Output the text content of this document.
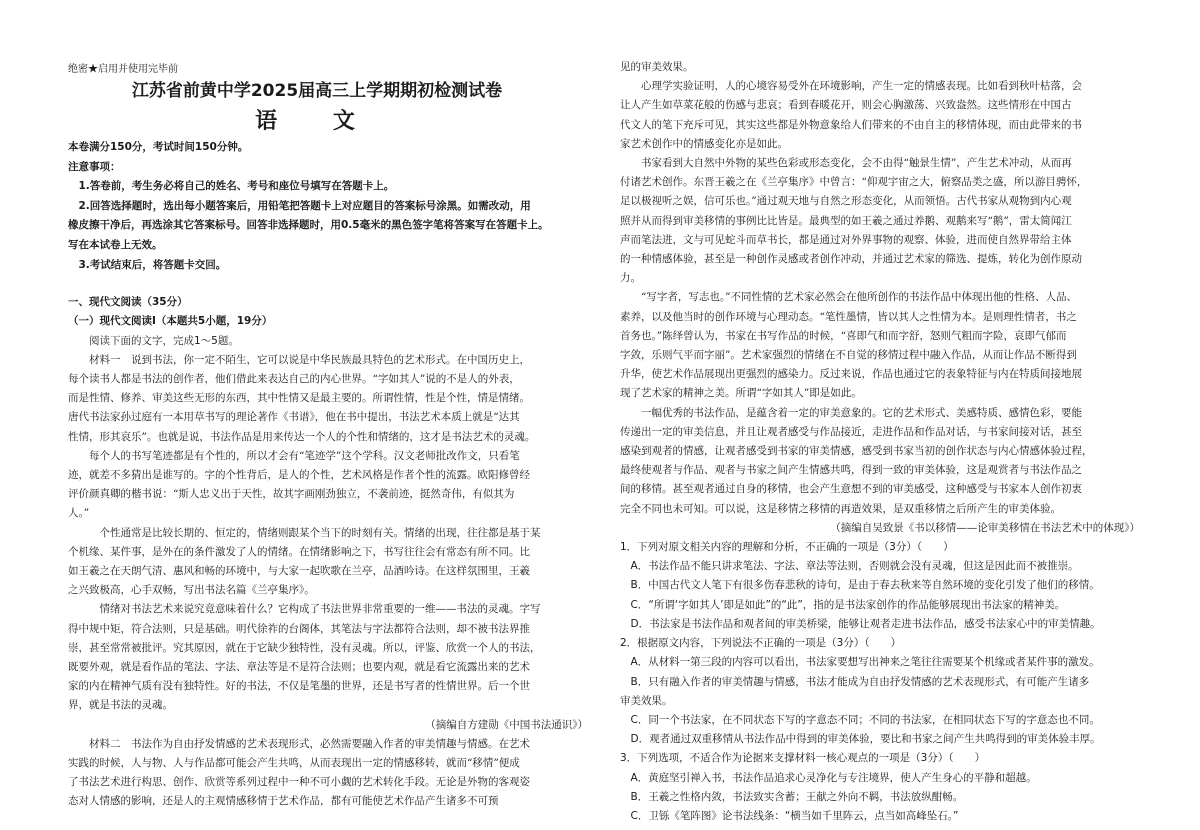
绝密★启用并使用完毕前
江苏省前黄中学2025届高三上学期期初检测试卷
语 文

本卷满分150分，考试时间150分钟。

注意事项：

1.答卷前，考生务必将自己的姓名、考号和座位号填写在答题卡上。

2.回答选择题时，选出每小题答案后，用铅笔把答题卡上对应题目的答案标号涂黑。如需改动，用

橡皮擦干净后，再选涂其它答案标号。回答非选择题时，用0.5毫米的黑色签字笔将答案写在答题卡上。

写在本试卷上无效。

3.考试结束后，将答题卡交回。

一、现代文阅读（35分）

（一）现代文阅读Ⅰ（本题共5小题，19分）

阅读下面的文字，完成1～5题。

材料一　说到书法，你一定不陌生，它可以说是中华民族最具特色的艺术形式。在中国历史上，

每个读书人都是书法的创作者，他们借此来表达自己的内心世界。“字如其人”说的不是人的外表，

而是性情、修养、审美这些无形的东西，其中性情又是最主要的。所谓性情，性是个性，情是情绪。

唐代书法家孙过庭有一本用草书写的理论著作《书谱》，他在书中提出，书法艺术本质上就是“达其

性情，形其哀乐”。也就是说，书法作品是用来传达一个人的个性和情绪的，这才是书法艺术的灵魂。

每个人的书写笔迹都是有个性的，所以才会有“笔迹学”这个学科。汉文老师批改作文，只看笔

迹，就差不多猜出是谁写的。字的个性背后，是人的个性，艺术风格是作者个性的流露。欧阳修曾经

评价颜真卿的楷书说：“斯人忠义出于天性，故其字画刚劲独立，不袭前迹，挺然奇伟，有似其为

人。”

个性通常是比较长期的、恒定的，情绪则跟某个当下的时刻有关。情绪的出现，往往都是基于某

个机缘、某件事，是外在的条件激发了人的情绪。在情绪影响之下，书写往往会有常态有所不同。比

如王羲之在天朗气清、惠风和畅的环境中，与大家一起吹歌在兰亭，品酒吟诗。在这样氛围里，王羲

之兴致极高，心手双畅，写出书法名篇《兰亭集序》。

情绪对书法艺术来说究竟意味着什么？它构成了书法世界非常重要的一维——书法的灵魂。字写

得中规中矩，符合法则，只是基础。明代徐祚的台阁体，其笔法与字法都符合法则，却不被书法界推

崇，甚至常常被批评。究其原因，就在于它缺少独特性，没有灵魂。所以，评鉴、欣赏一个人的书法，

既要外观，就是看作品的笔法、字法、章法等是不是符合法则；也要内观，就是看它流露出来的艺术

家的内在精神气质有没有独特性。好的书法，不仅是笔墨的世界，还是书写者的性情世界。后一个世

界，就是书法的灵魂。

（摘编自方建勋《中国书法通识》）

材料二　书法作为自由抒发情感的艺术表现形式，必然需要融入作者的审美情趣与情感。在艺术

实践的时候，人与物、人与作品都可能会产生共鸣，从而表现出一定的情感移转，就而“移情”便成

了书法艺术进行构思、创作、欣赏等系列过程中一种不可小觑的艺术转化手段。无论是外物的客观姿

态对人情感的影响，还是人的主观情感移情于艺术作品，都有可能使艺术作品产生诸多不可预

见的审美效果。

心理学实验证明，人的心境容易受外在环境影响，产生一定的情感表现。比如看到秋叶枯落，会

让人产生如草菜花般的伤感与悲哀；看到春暖花开，则会心胸激荡、兴致盎然。这些情形在中国古

代文人的笔下充斥可见，其实这些都是外物意象给人们带来的不由自主的移情体现，而由此带来的书

家艺术创作中的情感变化亦是如此。

书家看到大自然中外物的某些色彩或形态变化，会不由得“触景生情”，产生艺术冲动，从而再

付诸艺术创作。东晋王羲之在《兰亭集序》中曾言：“仰观宇宙之大，俯察品类之盛，所以游目骋怀，

足以极视听之娱，信可乐也。”通过观天地与自然之形态变化，从而领悟。古代书家从观物到内心观

照并从而得到审美移情的事例比比皆是。最典型的如王羲之通过养鹅、观鹅来写“鹅”，雷太简闻江

声而笔法进，文与可见蛇斗而草书长，都是通过对外界事物的观察、体验，进而使自然界带给主体

的一种情感体验，甚至是一种创作灵感或者创作冲动，并通过艺术家的筛选、提炼，转化为创作原动

力。

“写字者，写志也。”不同性情的艺术家必然会在他所创作的书法作品中体现出他的性格、人品、

素养，以及他当时的创作环境与心理动态。“笔性墨情，皆以其人之性情为本。是则理性情者，书之

首务也。”陈绎曾认为，书家在书写作品的时候，“喜即气和而字舒，怒则气粗而字险，哀即气郁而

字敛，乐则气平而字丽”。艺术家强烈的情绪在不自觉的移情过程中融入作品，从而让作品不断得到

升华，使艺术作品展现出更强烈的感染力。反过来说，作品也通过它的表象特征与内在特质间接地展

现了艺术家的精神之美。所谓“字如其人”即是如此。

一幅优秀的书法作品，是蕴含着一定的审美意象的。它的艺术形式、美感特质、感情色彩，要能

传递出一定的审美信息，并且让观者感受与作品接近，走进作品和作品对话，与书家间接对话，甚至

感染到观者的情感，让观者感受到书家的审美情感，感受到书家当初的创作状态与内心情感体验过程，

最终使观者与作品、观者与书家之间产生情感共鸣，得到一致的审美体验，这是观赏者与书法作品之

间的移情。甚至观者通过自身的移情，也会产生意想不到的审美感受，这种感受与书家本人创作初衷

完全不同也未可知。可以说，这是移情之移情的再造效果，是双重移情之后所产生的审美体验。

（摘编自吴致景《书以移情——论审美移情在书法艺术中的体现》）

1．下列对原文相关内容的理解和分析，不正确的一项是（3分）（　　）

A．书法作品不能只讲求笔法、字法、章法等法则，否则就会没有灵魂，但这是因此而不被推崇。

B．中国古代文人笔下有很多伤春悲秋的诗句，是由于春去秋来等自然环境的变化引发了他们的移情。

C．“所谓‘字如其人’即是如此”的“此”，指的是书法家创作的作品能够展现出书法家的精神美。

D．书法家是书法作品和观者间的审美桥梁，能够让观者走进书法作品，感受书法家心中的审美情趣。

2．根据原文内容，下列说法不正确的一项是（3分）（　　）

A．从材料一第三段的内容可以看出，书法家要想写出神来之笔往往需要某个机缘或者某件事的激发。

B．只有融入作者的审美情趣与情感，书法才能成为自由抒发情感的艺术表现形式，有可能产生诸多

审美效果。

C．同一个书法家，在不同状态下写的字意态不同；不同的书法家，在相同状态下写的字意态也不同。

D．观者通过双重移情从书法作品中得到的审美体验，要比和书家之间产生共鸣得到的审美体验丰厚。

3．下列选项，不适合作为论据来支撑材料一核心观点的一项是（3分）（　　）

A．黄庭坚引禅入书，书法作品追求心灵净化与专注境界，使人产生身心的平静和超越。

B．王羲之性格内敛，书法致实含蓄；王献之外向不羁，书法放纵酣畅。

C．卫铄《笔阵图》论书法线条：“横当如千里阵云，点当如高峰坠石。”
